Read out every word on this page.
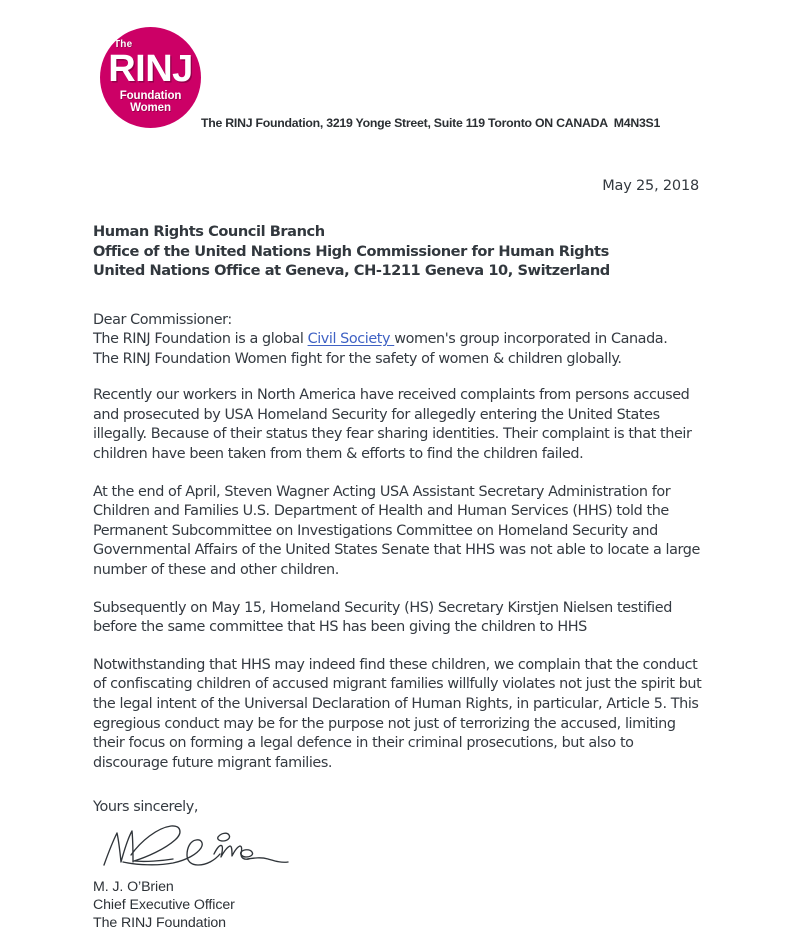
The
RINJ
Foundation Women
The RINJ Foundation, 3219 Yonge Street, Suite 119 Toronto ON CANADA  M4N3S1
May 25, 2018
Human Rights Council Branch
Office of the United Nations High Commissioner for Human Rights
United Nations Office at Geneva, CH-1211 Geneva 10, Switzerland

Dear Commissioner:
The RINJ Foundation is a global Civil Society women's group incorporated in Canada.
The RINJ Foundation Women fight for the safety of women & children globally.

Recently our workers in North America have received complaints from persons accused and prosecuted by USA Homeland Security for allegedly entering the United States illegally. Because of their status they fear sharing identities. Their complaint is that their children have been taken from them & efforts to find the children failed.

At the end of April, Steven Wagner Acting USA Assistant Secretary Administration for Children and Families U.S. Department of Health and Human Services (HHS) told the Permanent Subcommittee on Investigations Committee on Homeland Security and Governmental Affairs of the United States Senate that HHS was not able to locate a large number of these and other children.

Subsequently on May 15, Homeland Security (HS) Secretary Kirstjen Nielsen testified before the same committee that HS has been giving the children to HHS

Notwithstanding that HHS may indeed find these children, we complain that the conduct of confiscating children of accused migrant families willfully violates not just the spirit but the legal intent of the Universal Declaration of Human Rights, in particular, Article 5. This egregious conduct may be for the purpose not just of terrorizing the accused, limiting their focus on forming a legal defence in their criminal prosecutions, but also to discourage future migrant families.

Yours sincerely,

M. J. O’Brien
Chief Executive Officer
The RINJ Foundation
